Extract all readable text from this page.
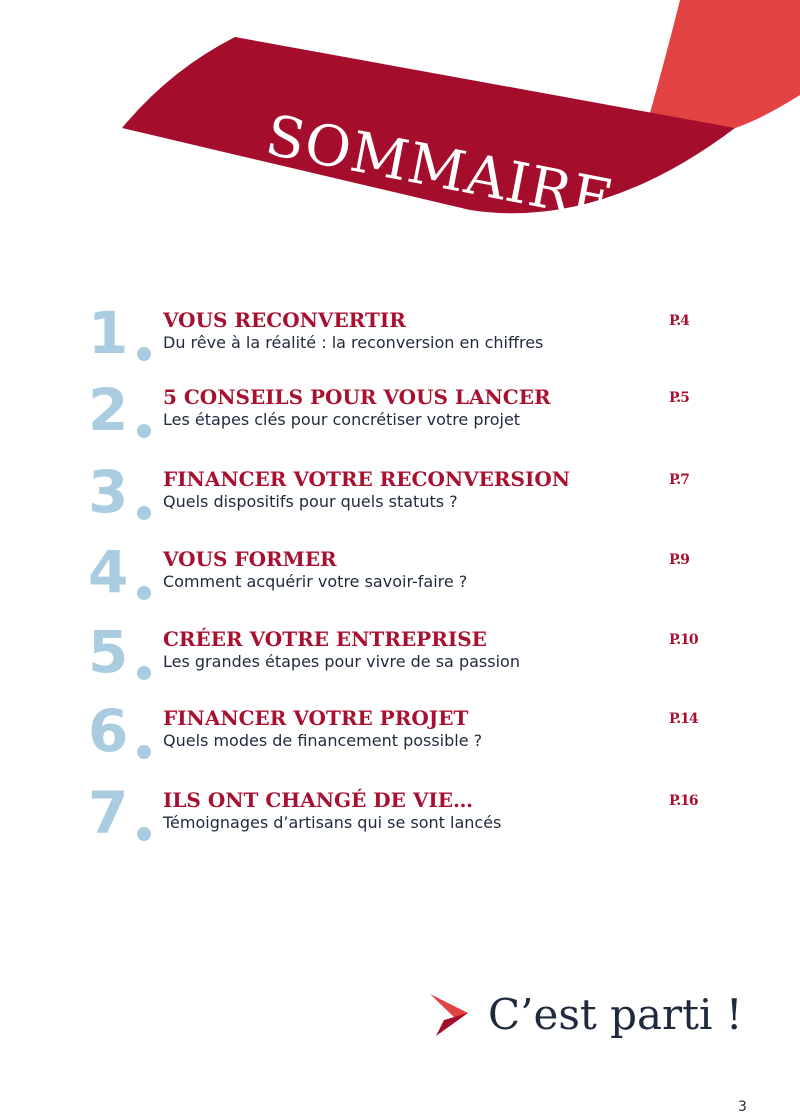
SOMMAIRE
1	VOUS RECONVERTIR
Du rêve à la réalité : la reconversion en chiffres
P.4
2	5 CONSEILS POUR VOUS LANCER
Les étapes clés pour concrétiser votre projet
P.5
3	FINANCER VOTRE RECONVERSION
Quels dispositifs pour quels statuts ?
P.7
4	VOUS FORMER
Comment acquérir votre savoir-faire ?
P.9
5	CRÉER VOTRE ENTREPRISE
Les grandes étapes pour vivre de sa passion
P.10
6	FINANCER VOTRE PROJET
Quels modes de financement possible ?
P.14
7	ILS ONT CHANGÉ DE VIE…
Témoignages d’artisans qui se sont lancés
P.16
C’est parti !
3
